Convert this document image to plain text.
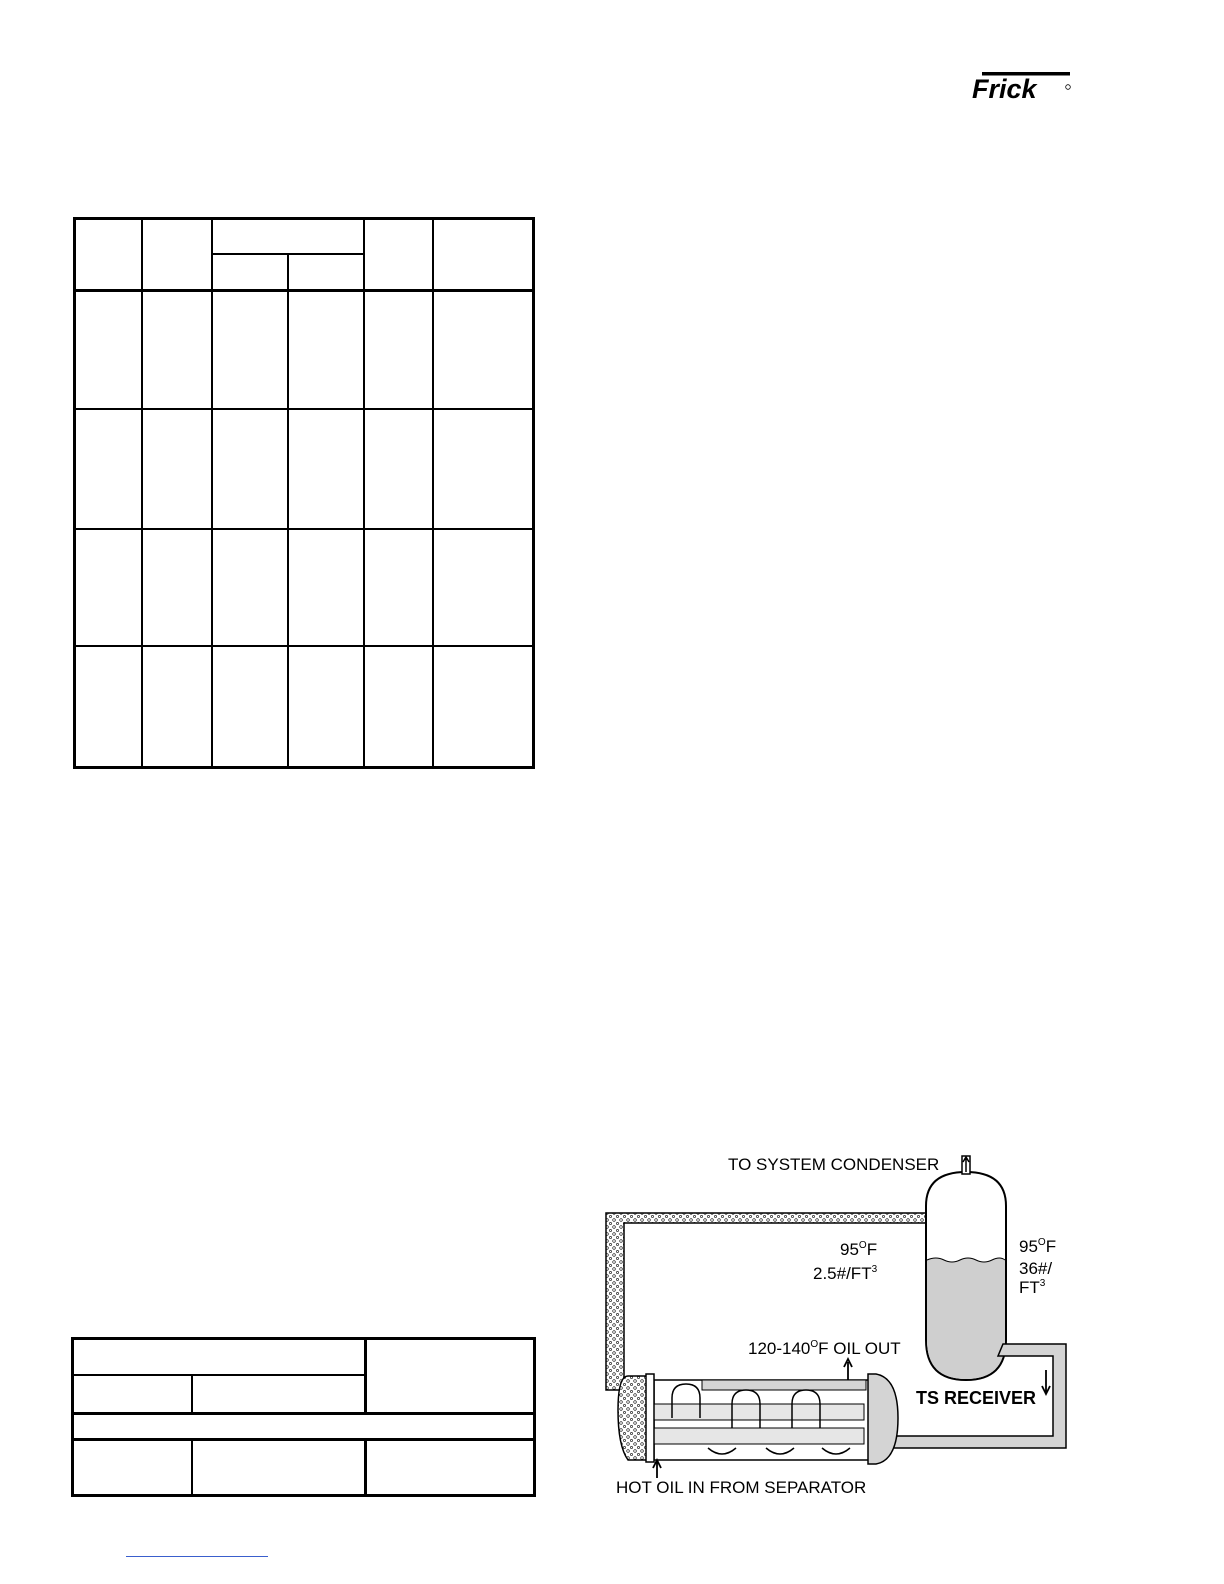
Frick
TO SYSTEM CONDENSER
$95^OF$
$2.5\#/FT^3$
$95^OF$
36#/
$FT^3$
$120-140^OF$ OIL OUT
TS RECEIVER
HOT OIL IN FROM SEPARATOR
